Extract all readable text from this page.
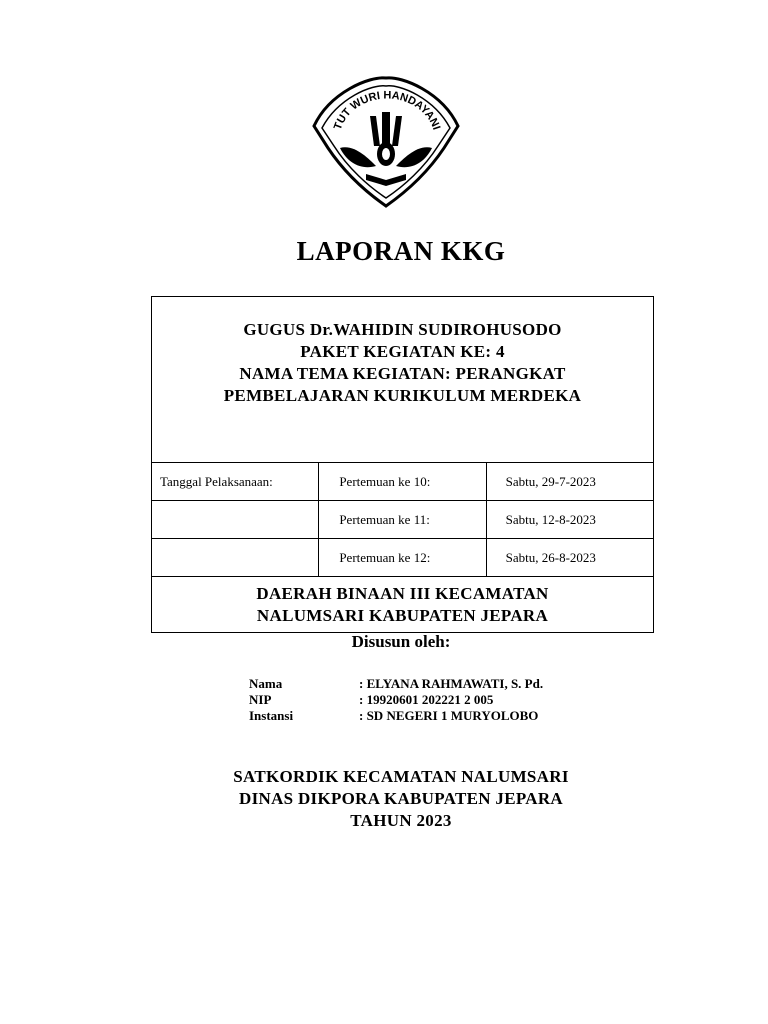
TUT WURI HANDAYANI
LAPORAN KKG
GUGUS Dr.WAHIDIN SUDIROHUSODO
PAKET KEGIATAN KE: 4
NAMA TEMA KEGIATAN: PERANGKAT
PEMBELAJARAN KURIKULUM MERDEKA		

Tanggal Pelaksanaan:	Pertemuan ke 10:	Sabtu, 29-7-2023
	Pertemuan ke 11:	Sabtu, 12-8-2023
	Pertemuan ke 12:	Sabtu, 26-8-2023

DAERAH BINAAN III KECAMATAN
NALUMSARI KABUPATEN JEPARA		
Disusun oleh:
Nama	: ELYANA RAHMAWATI, S. Pd.
NIP	: 19920601 202221 2 005
Instansi	: SD NEGERI 1 MURYOLOBO
SATKORDIK KECAMATAN NALUMSARI
DINAS DIKPORA KABUPATEN JEPARA
TAHUN 2023
